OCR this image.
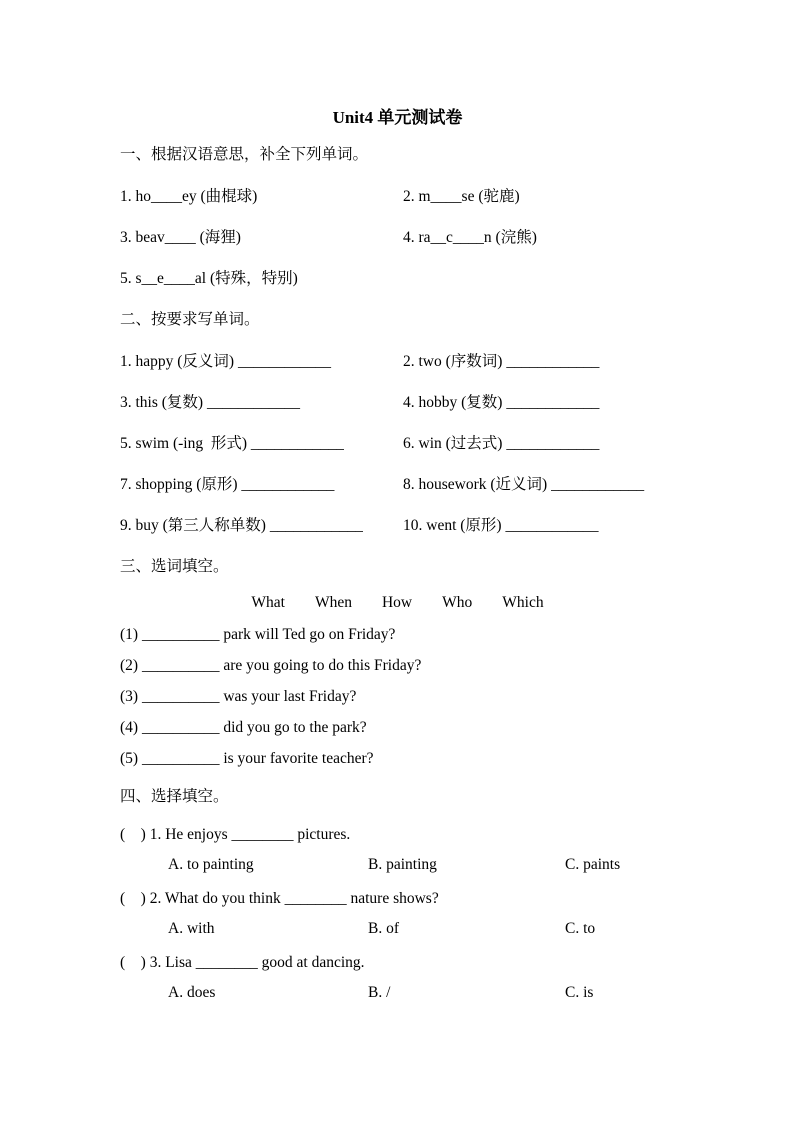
Unit4 单元测试卷
一、根据汉语意思，补全下列单词。
1. ho____ey (曲棍球)	2. m____se (驼鹿)
3. beav____ (海狸)	4. ra__c____n (浣熊)
5. s__e____al (特殊，特别)
二、按要求写单词。
1. happy (反义词) ____________	2. two (序数词) ____________
3. this (复数) ____________	4. hobby (复数) ____________
5. swim (-ing  形式) ____________	6. win (过去式) ____________
7. shopping (原形) ____________	8. housework (近义词) ____________
9. buy (第三人称单数) ____________	10. went (原形) ____________
三、选词填空。
What When How Who Which
(1) __________ park will Ted go on Friday?
(2) __________ are you going to do this Friday?
(3) __________ was your last Friday?
(4) __________ did you go to the park?
(5) __________ is your favorite teacher?
四、选择填空。
(　) 1. He enjoys ________ pictures.
A. to painting	B. painting	C. paints
(　) 2. What do you think ________ nature shows?
A. with	B. of	C. to
(　) 3. Lisa ________ good at dancing.
A. does	B. /	C. is
